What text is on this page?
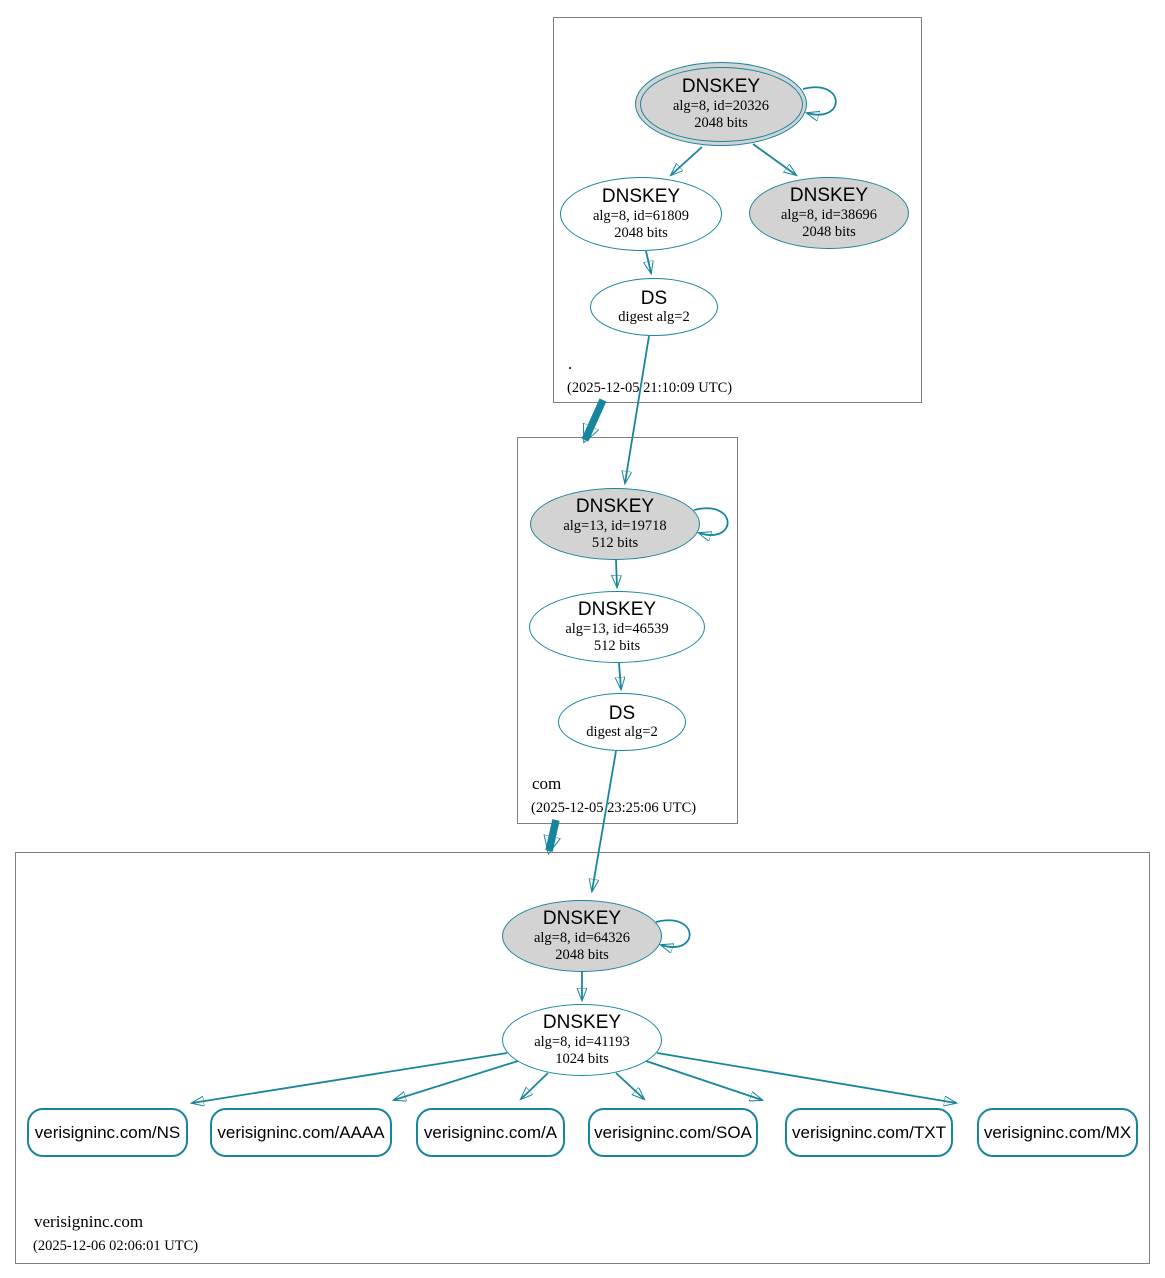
.
(2025-12-05 21:10:09 UTC)
com
(2025-12-05 23:25:06 UTC)
verisigninc.com
(2025-12-06 02:06:01 UTC)
DNSKEY
alg=8, id=20326
2048 bits
DNSKEY
alg=8, id=61809
2048 bits
DNSKEY
alg=8, id=38696
2048 bits
DS
digest alg=2
DNSKEY
alg=13, id=19718
512 bits
DNSKEY
alg=13, id=46539
512 bits
DS
digest alg=2
DNSKEY
alg=8, id=64326
2048 bits
DNSKEY
alg=8, id=41193
1024 bits
verisigninc.com/NS	verisigninc.com/AAAA	verisigninc.com/A	verisigninc.com/SOA	verisigninc.com/TXT	verisigninc.com/MX
